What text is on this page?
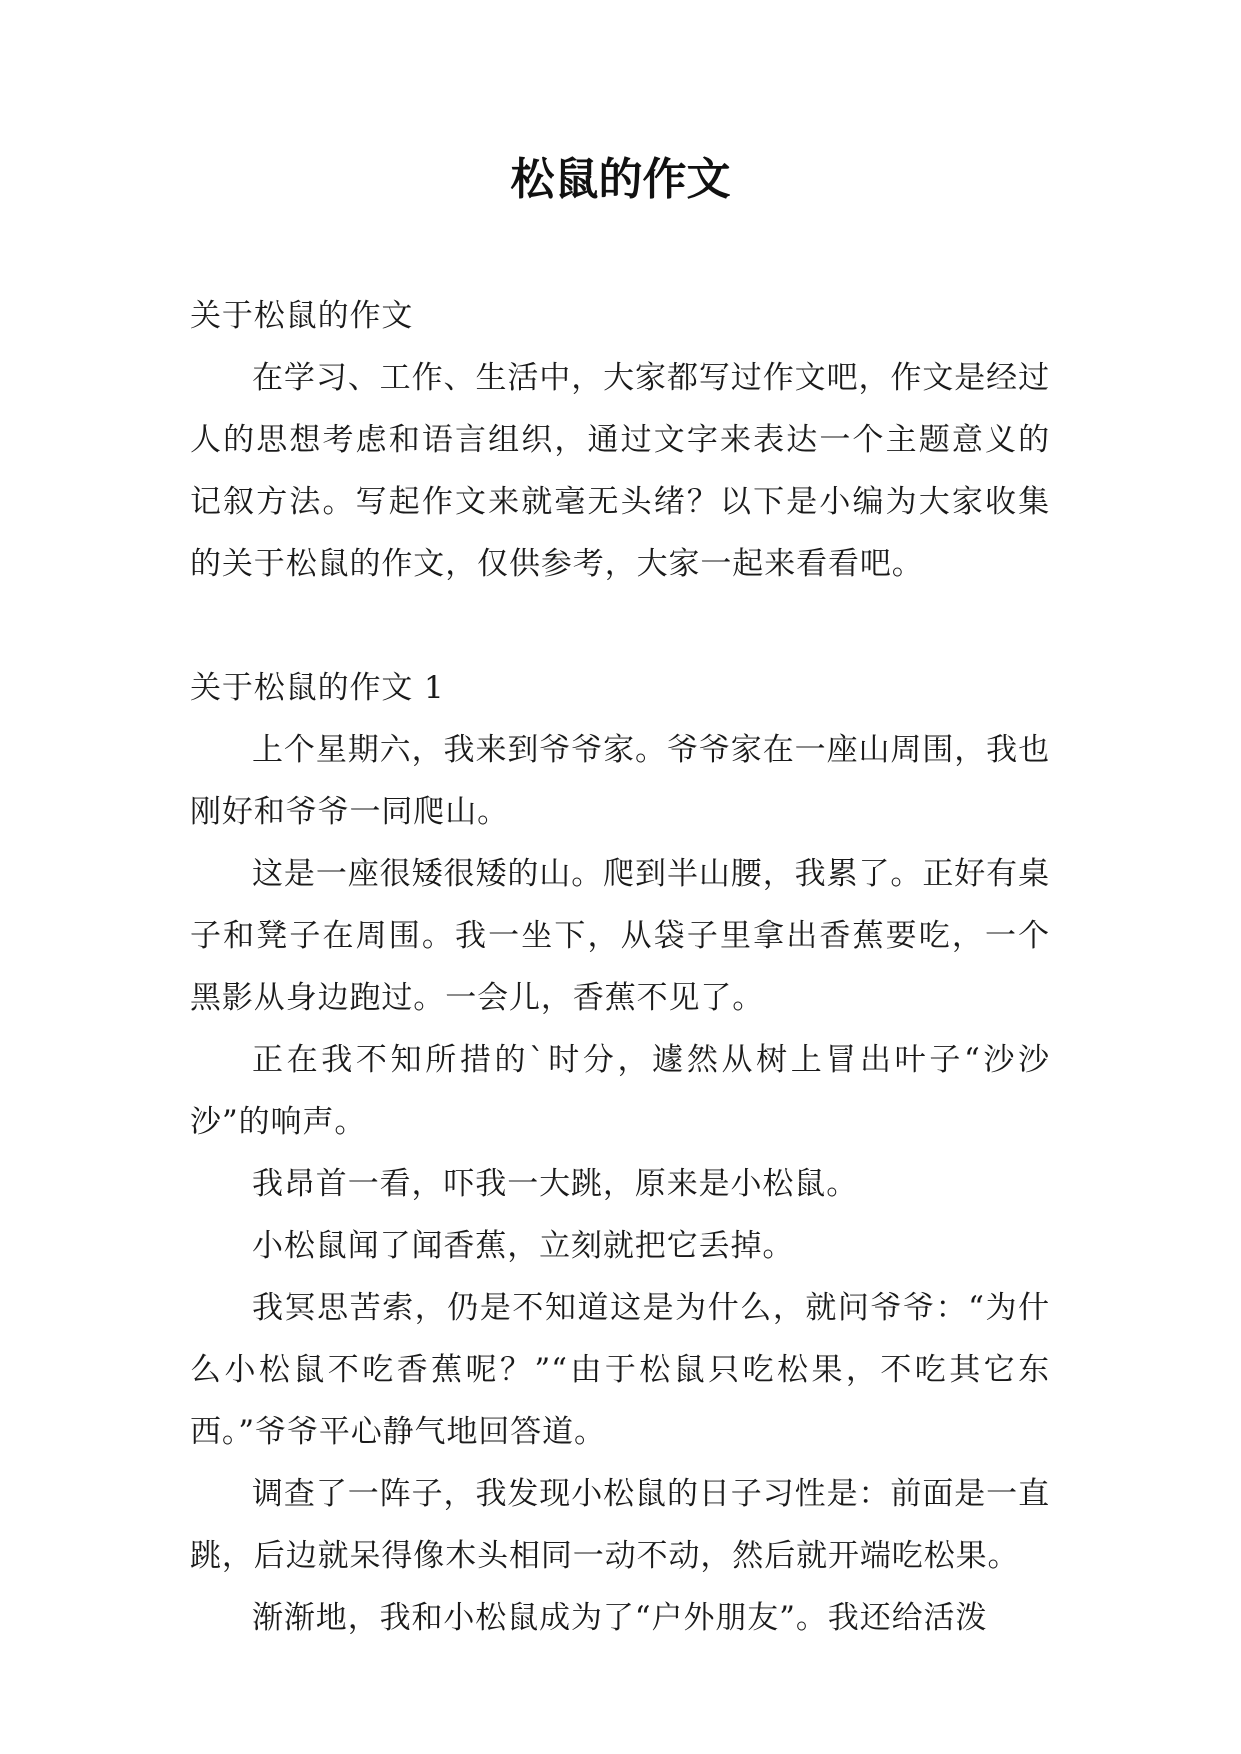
松鼠的作文

关于松鼠的作文

在学习、工作、生活中，大家都写过作文吧，作文是经过人的思想考虑和语言组织，通过文字来表达一个主题意义的记叙方法。写起作文来就毫无头绪？以下是小编为大家收集的关于松鼠的作文，仅供参考，大家一起来看看吧。

关于松鼠的作文 1

上个星期六，我来到爷爷家。爷爷家在一座山周围，我也刚好和爷爷一同爬山。

这是一座很矮很矮的山。爬到半山腰，我累了。正好有桌子和凳子在周围。我一坐下，从袋子里拿出香蕉要吃，一个黑影从身边跑过。一会儿，香蕉不见了。

正在我不知所措的`时分，遽然从树上冒出叶子“沙沙沙”的响声。

我昂首一看，吓我一大跳，原来是小松鼠。

小松鼠闻了闻香蕉，立刻就把它丢掉。

我冥思苦索，仍是不知道这是为什么，就问爷爷：“为什么小松鼠不吃香蕉呢？”“由于松鼠只吃松果，不吃其它东西。”爷爷平心静气地回答道。

调查了一阵子，我发现小松鼠的日子习性是：前面是一直跳，后边就呆得像木头相同一动不动，然后就开端吃松果。

渐渐地，我和小松鼠成为了“户外朋友”。我还给活泼
